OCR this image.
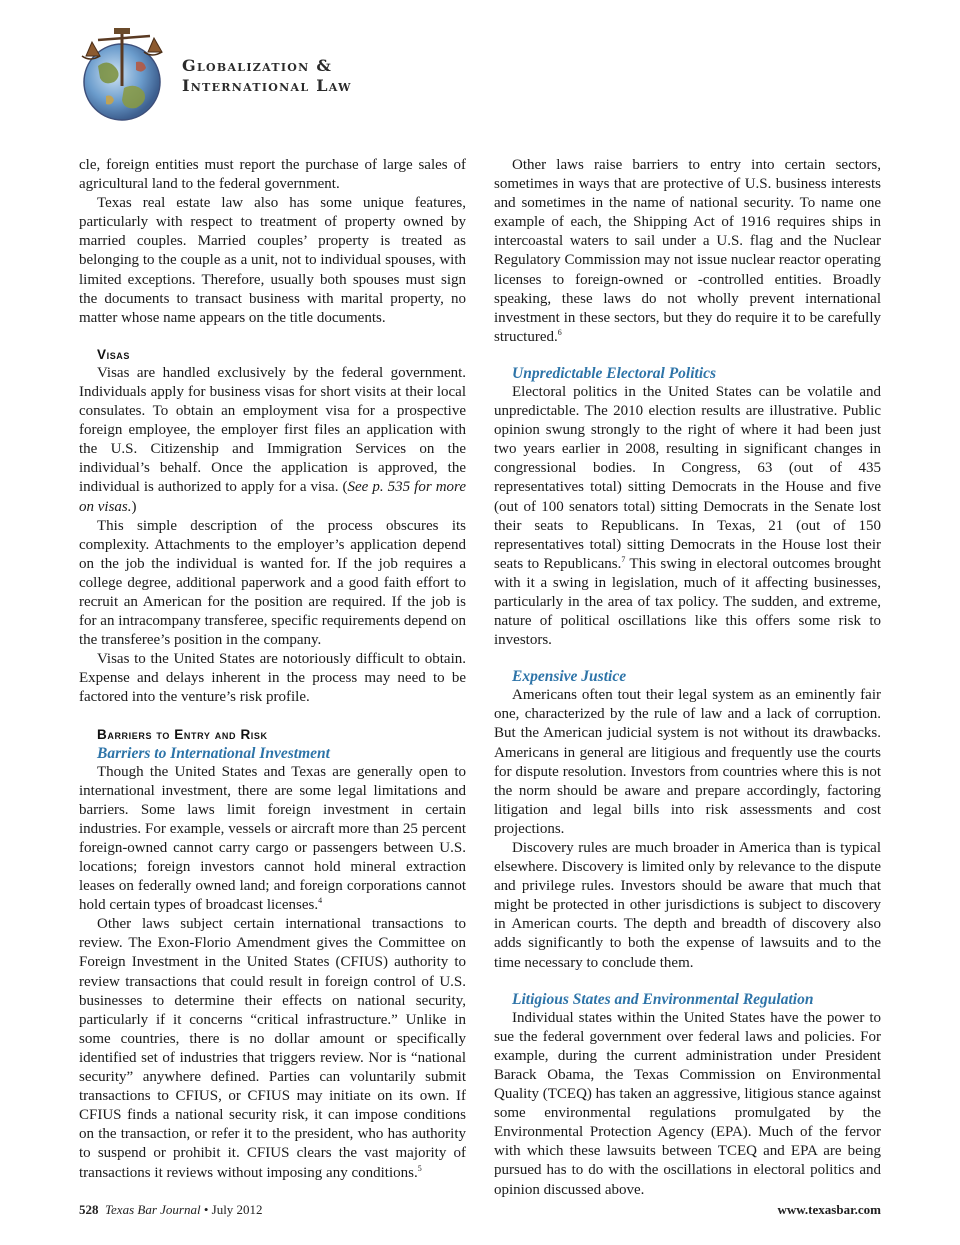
Globalization &
International Law

cle, foreign entities must report the purchase of large sales of agricultural land to the federal government.

Texas real estate law also has some unique features, particularly with respect to treatment of property owned by married couples. Married couples’ property is treated as belonging to the couple as a unit, not to individual spouses, with limited exceptions. Therefore, usually both spouses must sign the documents to transact business with marital property, no matter whose name appears on the title documents.

Visas

Visas are handled exclusively by the federal government. Individuals apply for business visas for short visits at their local consulates. To obtain an employment visa for a prospective foreign employee, the employer first files an application with the U.S. Citizenship and Immigration Services on the individual’s behalf. Once the application is approved, the individual is authorized to apply for a visa. (See p. 535 for more on visas.)

This simple description of the process obscures its complexity. Attachments to the employer’s application depend on the job the individual is wanted for. If the job requires a college degree, additional paperwork and a good faith effort to recruit an American for the position are required. If the job is for an intracompany transferee, specific requirements depend on the transferee’s position in the company.

Visas to the United States are notoriously difficult to obtain. Expense and delays inherent in the process may need to be factored into the venture’s risk profile.

Barriers to Entry and Risk

Barriers to International Investment

Though the United States and Texas are generally open to international investment, there are some legal limitations and barriers. Some laws limit foreign investment in certain industries. For example, vessels or aircraft more than 25 percent foreign-owned cannot carry cargo or passengers between U.S. locations; foreign investors cannot hold mineral extraction leases on federally owned land; and foreign corporations cannot hold certain types of broadcast licenses.$^4$

Other laws subject certain international transactions to review. The Exon-Florio Amendment gives the Committee on Foreign Investment in the United States (CFIUS) authority to review transactions that could result in foreign control of U.S. businesses to determine their effects on national security, particularly if it concerns “critical infrastructure.” Unlike in some countries, there is no dollar amount or specifically identified set of industries that triggers review. Nor is “national security” anywhere defined. Parties can voluntarily submit transactions to CFIUS, or CFIUS may initiate on its own. If CFIUS finds a national security risk, it can impose conditions on the transaction, or refer it to the president, who has authority to suspend or prohibit it. CFIUS clears the vast majority of transactions it reviews without imposing any conditions.$^5$

Other laws raise barriers to entry into certain sectors, sometimes in ways that are protective of U.S. business interests and sometimes in the name of national security. To name one example of each, the Shipping Act of 1916 requires ships in intercoastal waters to sail under a U.S. flag and the Nuclear Regulatory Commission may not issue nuclear reactor operating licenses to foreign-owned or -controlled entities. Broadly speaking, these laws do not wholly prevent international investment in these sectors, but they do require it to be carefully structured.$^6$

Unpredictable Electoral Politics

Electoral politics in the United States can be volatile and unpredictable. The 2010 election results are illustrative. Public opinion swung strongly to the right of where it had been just two years earlier in 2008, resulting in significant changes in congressional bodies. In Congress, 63 (out of 435 representatives total) sitting Democrats in the House and five (out of 100 senators total) sitting Democrats in the Senate lost their seats to Republicans. In Texas, 21 (out of 150 representatives total) sitting Democrats in the House lost their seats to Republicans.$^7$ This swing in electoral outcomes brought with it a swing in legislation, much of it affecting businesses, particularly in the area of tax policy. The sudden, and extreme, nature of political oscillations like this offers some risk to investors.

Expensive Justice

Americans often tout their legal system as an eminently fair one, characterized by the rule of law and a lack of corruption. But the American judicial system is not without its drawbacks. Americans in general are litigious and frequently use the courts for dispute resolution. Investors from countries where this is not the norm should be aware and prepare accordingly, factoring litigation and legal bills into risk assessments and cost projections.

Discovery rules are much broader in America than is typical elsewhere. Discovery is limited only by relevance to the dispute and privilege rules. Investors should be aware that much that might be protected in other jurisdictions is subject to discovery in American courts. The depth and breadth of discovery also adds significantly to both the expense of lawsuits and to the time necessary to conclude them.

Litigious States and Environmental Regulation

Individual states within the United States have the power to sue the federal government over federal laws and policies. For example, during the current administration under President Barack Obama, the Texas Commission on Environmental Quality (TCEQ) has taken an aggressive, litigious stance against some environmental regulations promulgated by the Environmental Protection Agency (EPA). Much of the fervor with which these lawsuits between TCEQ and EPA are being pursued has to do with the oscillations in electoral politics and opinion discussed above.

528 Texas Bar Journal • July 2012	www.texasbar.com
